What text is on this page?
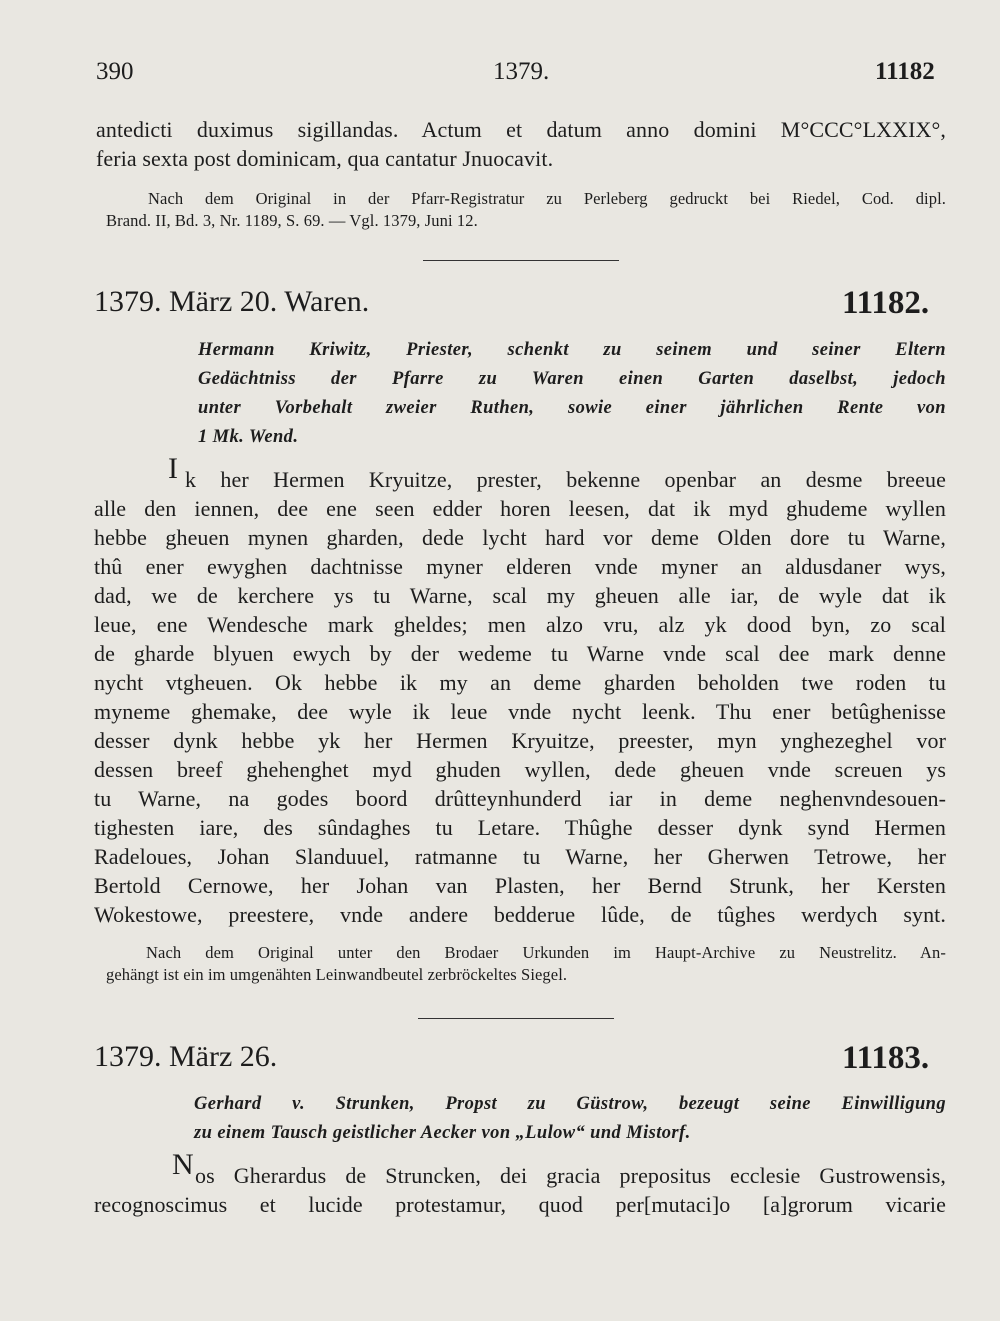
390	1379.	11182
antedicti duximus sigillandas. Actum et datum anno domini M°CCC°LXXIX°,
feria sexta post dominicam, qua cantatur Jnuocavit.
Nach dem Original in der Pfarr-Registratur zu Perleberg gedruckt bei Riedel, Cod. dipl.
Brand. II, Bd. 3, Nr. 1189, S. 69. — Vgl. 1379, Juni 12.
1379. März 20. Waren.	11182.
Hermann Kriwitz, Priester, schenkt zu seinem und seiner Eltern
Gedächtniss der Pfarre zu Waren einen Garten daselbst, jedoch
unter Vorbehalt zweier Ruthen, sowie einer jährlichen Rente von
1 Mk. Wend.
I k her Hermen Kryuitze, prester, bekenne openbar an desme breeue
alle den iennen, dee ene seen edder horen leesen, dat ik myd ghudeme wyllen
hebbe gheuen mynen gharden, dede lycht hard vor deme Olden dore tu Warne,
thû ener ewyghen dachtnisse myner elderen vnde myner an aldusdaner wys,
dad, we de kerchere ys tu Warne, scal my gheuen alle iar, de wyle dat ik
leue, ene Wendesche mark gheldes; men alzo vru, alz yk dood byn, zo scal
de gharde blyuen ewych by der wedeme tu Warne vnde scal dee mark denne
nycht vtgheuen. Ok hebbe ik my an deme gharden beholden twe roden tu
myneme ghemake, dee wyle ik leue vnde nycht leenk. Thu ener betûghenisse
desser dynk hebbe yk her Hermen Kryuitze, preester, myn ynghezeghel vor
dessen breef ghehenghet myd ghuden wyllen, dede gheuen vnde screuen ys
tu Warne, na godes boord drûtteynhunderd iar in deme neghenvndesouen-
tighesten iare, des sûndaghes tu Letare. Thûghe desser dynk synd Hermen
Radeloues, Johan Slanduuel, ratmanne tu Warne, her Gherwen Tetrowe, her
Bertold Cernowe, her Johan van Plasten, her Bernd Strunk, her Kersten
Wokestowe, preestere, vnde andere bedderue lûde, de tûghes werdych synt.
Nach dem Original unter den Brodaer Urkunden im Haupt-Archive zu Neustrelitz. An-
gehängt ist ein im umgenähten Leinwandbeutel zerbröckeltes Siegel.
1379. März 26.	11183.
Gerhard v. Strunken, Propst zu Güstrow, bezeugt seine Einwilligung
zu einem Tausch geistlicher Aecker von „Lulow“ und Mistorf.
N os Gherardus de Struncken, dei gracia prepositus ecclesie Gustrowensis,
recognoscimus et lucide protestamur, quod per[mutaci]o [a]grorum vicarie
